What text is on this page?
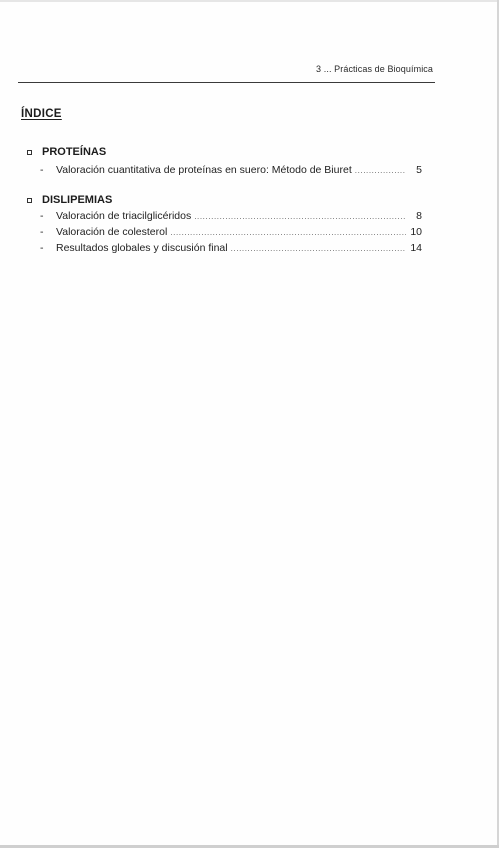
3 ... Prácticas de Bioquímica
ÍNDICE
PROTEÍNAS
-	Valoración cuantitativa de proteínas en suero: Método de Biuret .....	5
DISLIPEMIAS
-	Valoración de triacilglicéridos .....	8
-	Valoración de colesterol .....	10
-	Resultados globales y discusión final .....	14
